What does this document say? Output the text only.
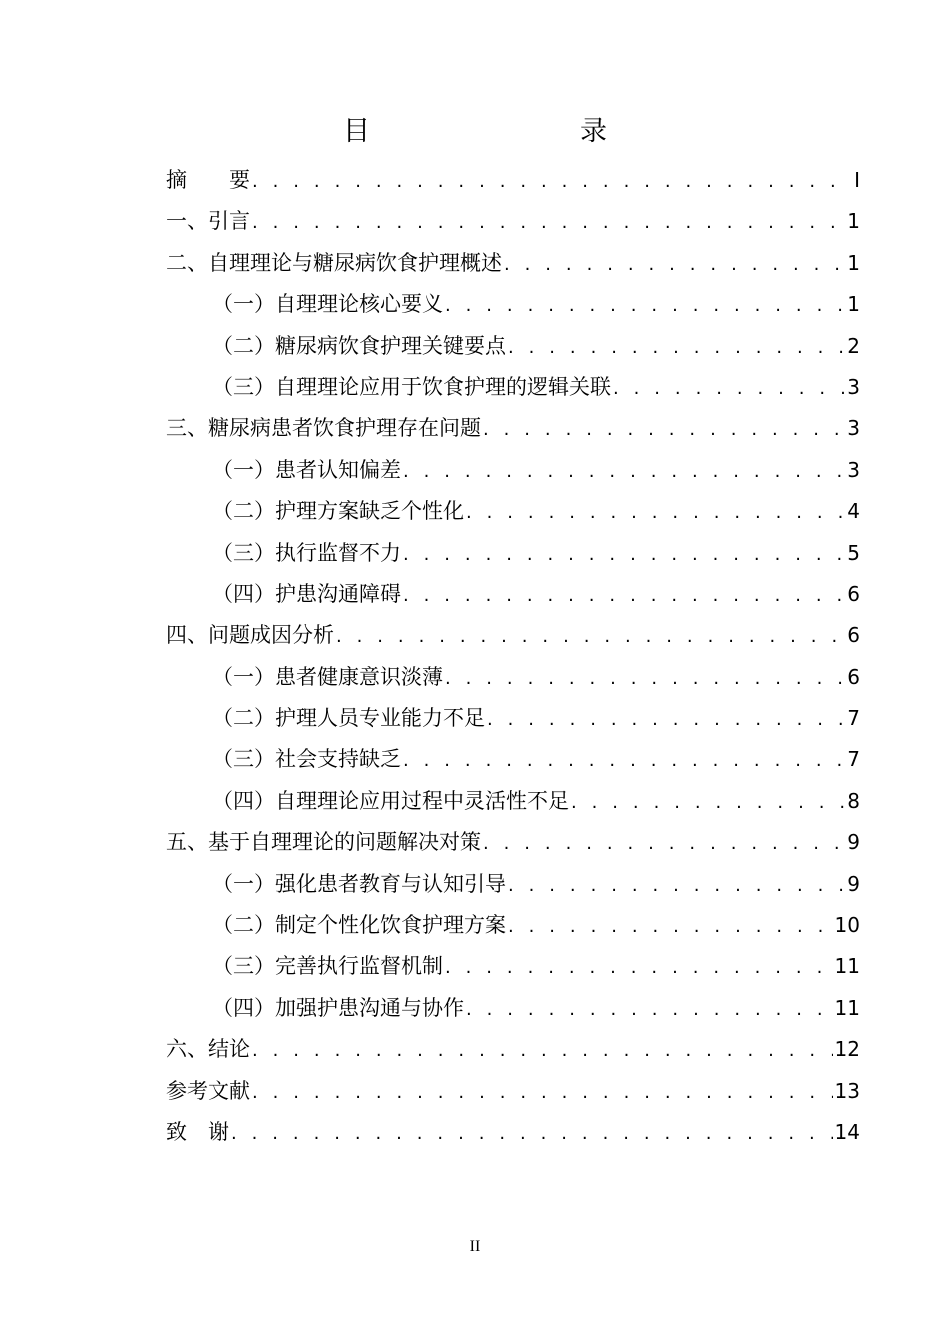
目　　录
摘　　要 . . .	I
一、引言 . . .	1
二、自理理论与糖尿病饮食护理概述 . . .	1
（一）自理理论核心要义 . . .	1
（二）糖尿病饮食护理关键要点 . . .	2
（三）自理理论应用于饮食护理的逻辑关联 . . .	3
三、糖尿病患者饮食护理存在问题 . . .	3
（一）患者认知偏差 . . .	3
（二）护理方案缺乏个性化 . . .	4
（三）执行监督不力 . . .	5
（四）护患沟通障碍 . . .	6
四、问题成因分析 . . .	6
（一）患者健康意识淡薄 . . .	6
（二）护理人员专业能力不足 . . .	7
（三）社会支持缺乏 . . .	7
（四）自理理论应用过程中灵活性不足 . . .	8
五、基于自理理论的问题解决对策 . . .	9
（一）强化患者教育与认知引导 . . .	9
（二）制定个性化饮食护理方案 . . .	10
（三）完善执行监督机制 . . .	11
（四）加强护患沟通与协作 . . .	11
六、结论 . . .	12
参考文献 . . .	13
致　谢 . . .	14
II
